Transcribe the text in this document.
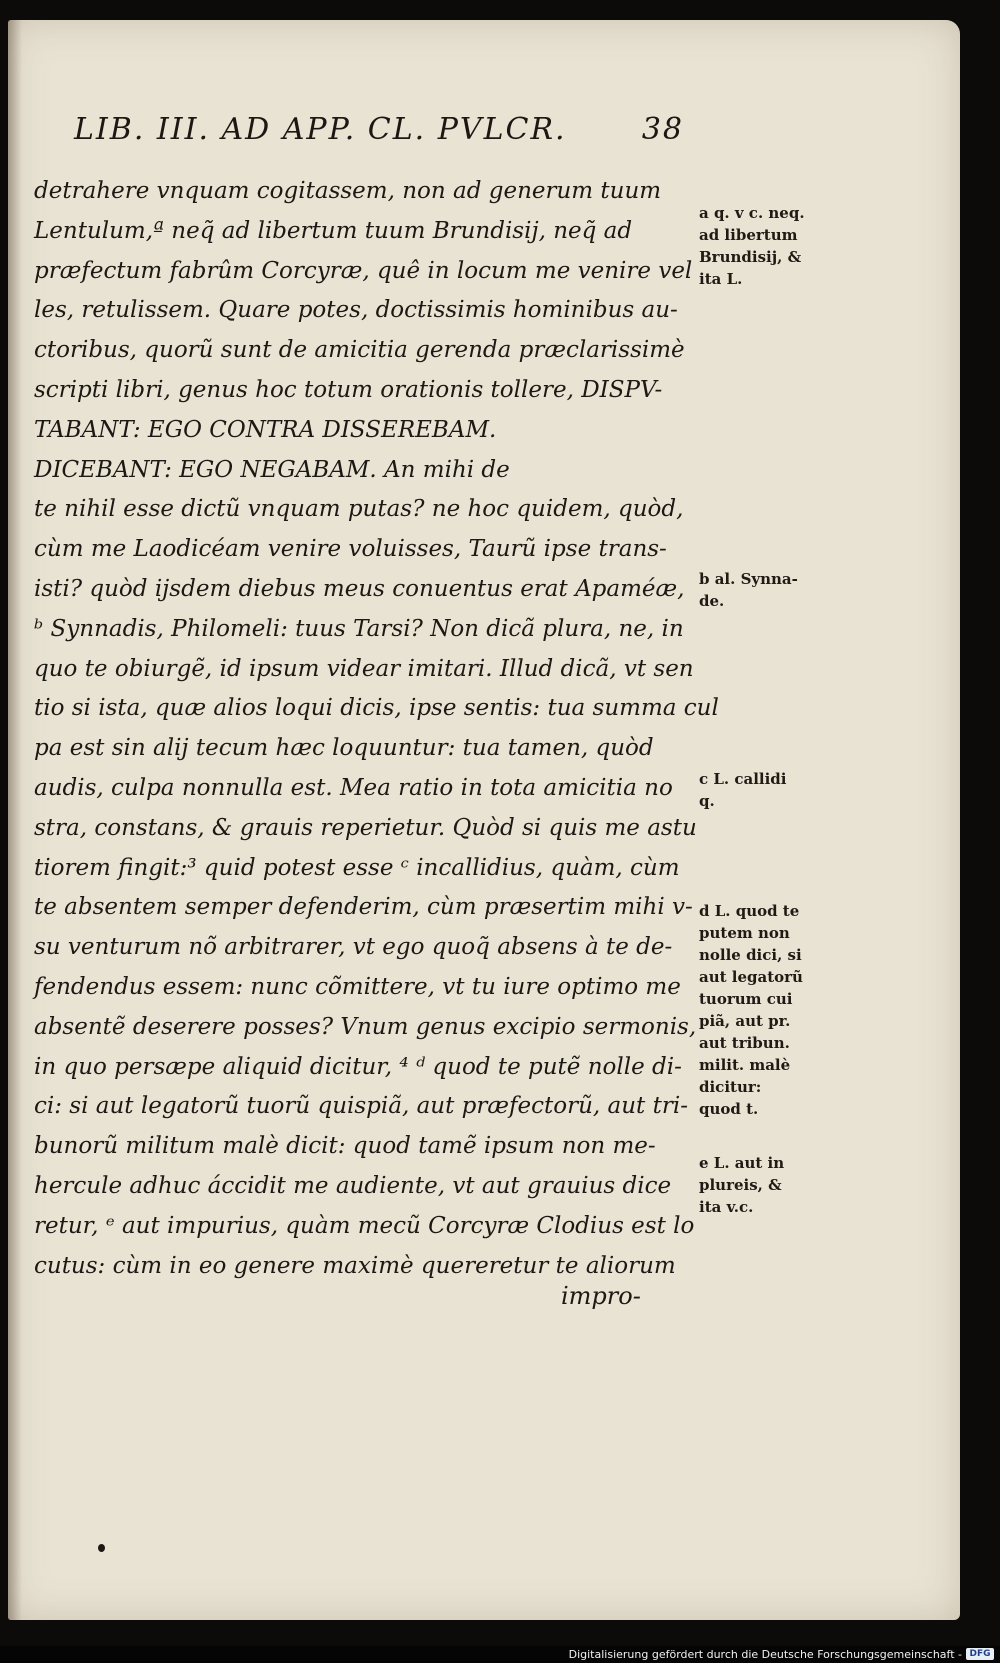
LIB. III. AD APP. CL. PVLCR.	38
detrahere vnquam cogitassem, non ad generum tuum
Lentulum,ª neq̃ ad libertum tuum Brundisij, neq̃ ad
præfectum fabrûm Corcyræ, quê in locum me venire vel
les, retulissem. Quare potes, doctissimis hominibus au-
ctoribus, quorũ sunt de amicitia gerenda præclarissimè
scripti libri, genus hoc totum orationis tollere, DISPV-
TABANT: EGO CONTRA DISSEREBAM.
DICEBANT: EGO NEGABAM. An mihi de
te nihil esse dictũ vnquam putas? ne hoc quidem, quòd,
cùm me Laodicéam venire voluisses, Taurũ ipse trans-
isti? quòd ijsdem diebus meus conuentus erat Apaméæ,
ᵇ Synnadis, Philomeli: tuus Tarsi? Non dicã plura, ne, in
quo te obiurgẽ, id ipsum videar imitari. Illud dicã, vt sen
tio si ista, quæ alios loqui dicis, ipse sentis: tua summa cul
pa est sin alij tecum hæc loquuntur: tua tamen, quòd
audis, culpa nonnulla est. Mea ratio in tota amicitia no
stra, constans, & grauis reperietur. Quòd si quis me astu
tiorem fingit:³ quid potest esse ᶜ incallidius, quàm, cùm
te absentem semper defenderim, cùm præsertim mihi v-
su venturum nõ arbitrarer, vt ego quoq̃ absens à te de-
fendendus essem: nunc cõmittere, vt tu iure optimo me
absentẽ deserere posses? Vnum genus excipio sermonis,
in quo persæpe aliquid dicitur, ⁴ ᵈ quod te putẽ nolle di-
ci: si aut legatorũ tuorũ quispiã, aut præfectorũ, aut tri-
bunorũ militum malè dicit: quod tamẽ ipsum non me-
hercule adhuc áccidit me audiente, vt aut grauius dice
retur, ᵉ aut impurius, quàm mecũ Corcyræ Clodius est lo
cutus: cùm in eo genere maximè quereretur te aliorum
impro-
a q. v c. neq.
ad libertum
Brundisij, &
ita L.
b al. Synna-
de.
c L. callidi
q.
d L. quod te
putem non
nolle dici, si
aut legatorũ
tuorum cui
piã, aut pr.
aut tribun.
milit. malè
dicitur:
quod t.
e L. aut in
plureis, &
ita v.c.
Digitalisierung gefördert durch die Deutsche Forschungsgemeinschaft - DFG
